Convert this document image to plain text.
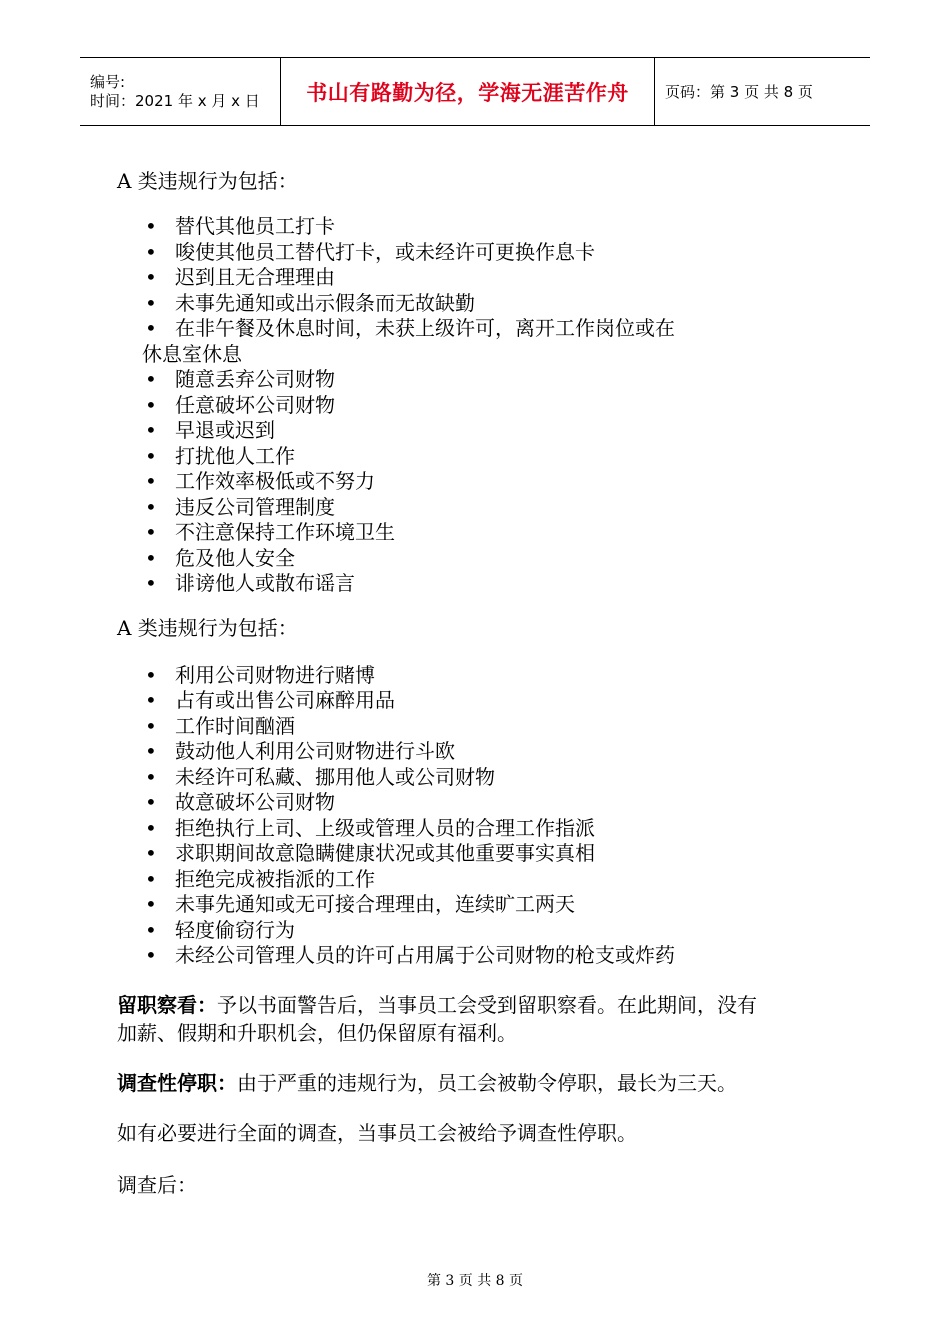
编号:
时间：2021 年 x 月 x 日	书山有路勤为径，学海无涯苦作舟 页码：第 3 页 共 8 页

A 类违规行为包括：

• 替代其他员工打卡
• 唆使其他员工替代打卡，或未经许可更换作息卡
• 迟到且无合理理由
• 未事先通知或出示假条而无故缺勤
• 在非午餐及休息时间，未获上级许可，离开工作岗位或在
休息室休息
• 随意丢弃公司财物
• 任意破坏公司财物
• 早退或迟到
• 打扰他人工作
• 工作效率极低或不努力
• 违反公司管理制度
• 不注意保持工作环境卫生
• 危及他人安全
• 诽谤他人或散布谣言

A 类违规行为包括：

• 利用公司财物进行赌博
• 占有或出售公司麻醉用品
• 工作时间酗酒
• 鼓动他人利用公司财物进行斗欧
• 未经许可私藏、挪用他人或公司财物
• 故意破坏公司财物
• 拒绝执行上司、上级或管理人员的合理工作指派
• 求职期间故意隐瞒健康状况或其他重要事实真相
• 拒绝完成被指派的工作
• 未事先通知或无可接合理理由，连续旷工两天
• 轻度偷窃行为
• 未经公司管理人员的许可占用属于公司财物的枪支或炸药

留职察看：予以书面警告后，当事员工会受到留职察看。在此期间，没有
加薪、假期和升职机会，但仍保留原有福利。

调查性停职：由于严重的违规行为，员工会被勒令停职，最长为三天。

如有必要进行全面的调查，当事员工会被给予调查性停职。

调查后：

第 3 页 共 8 页
